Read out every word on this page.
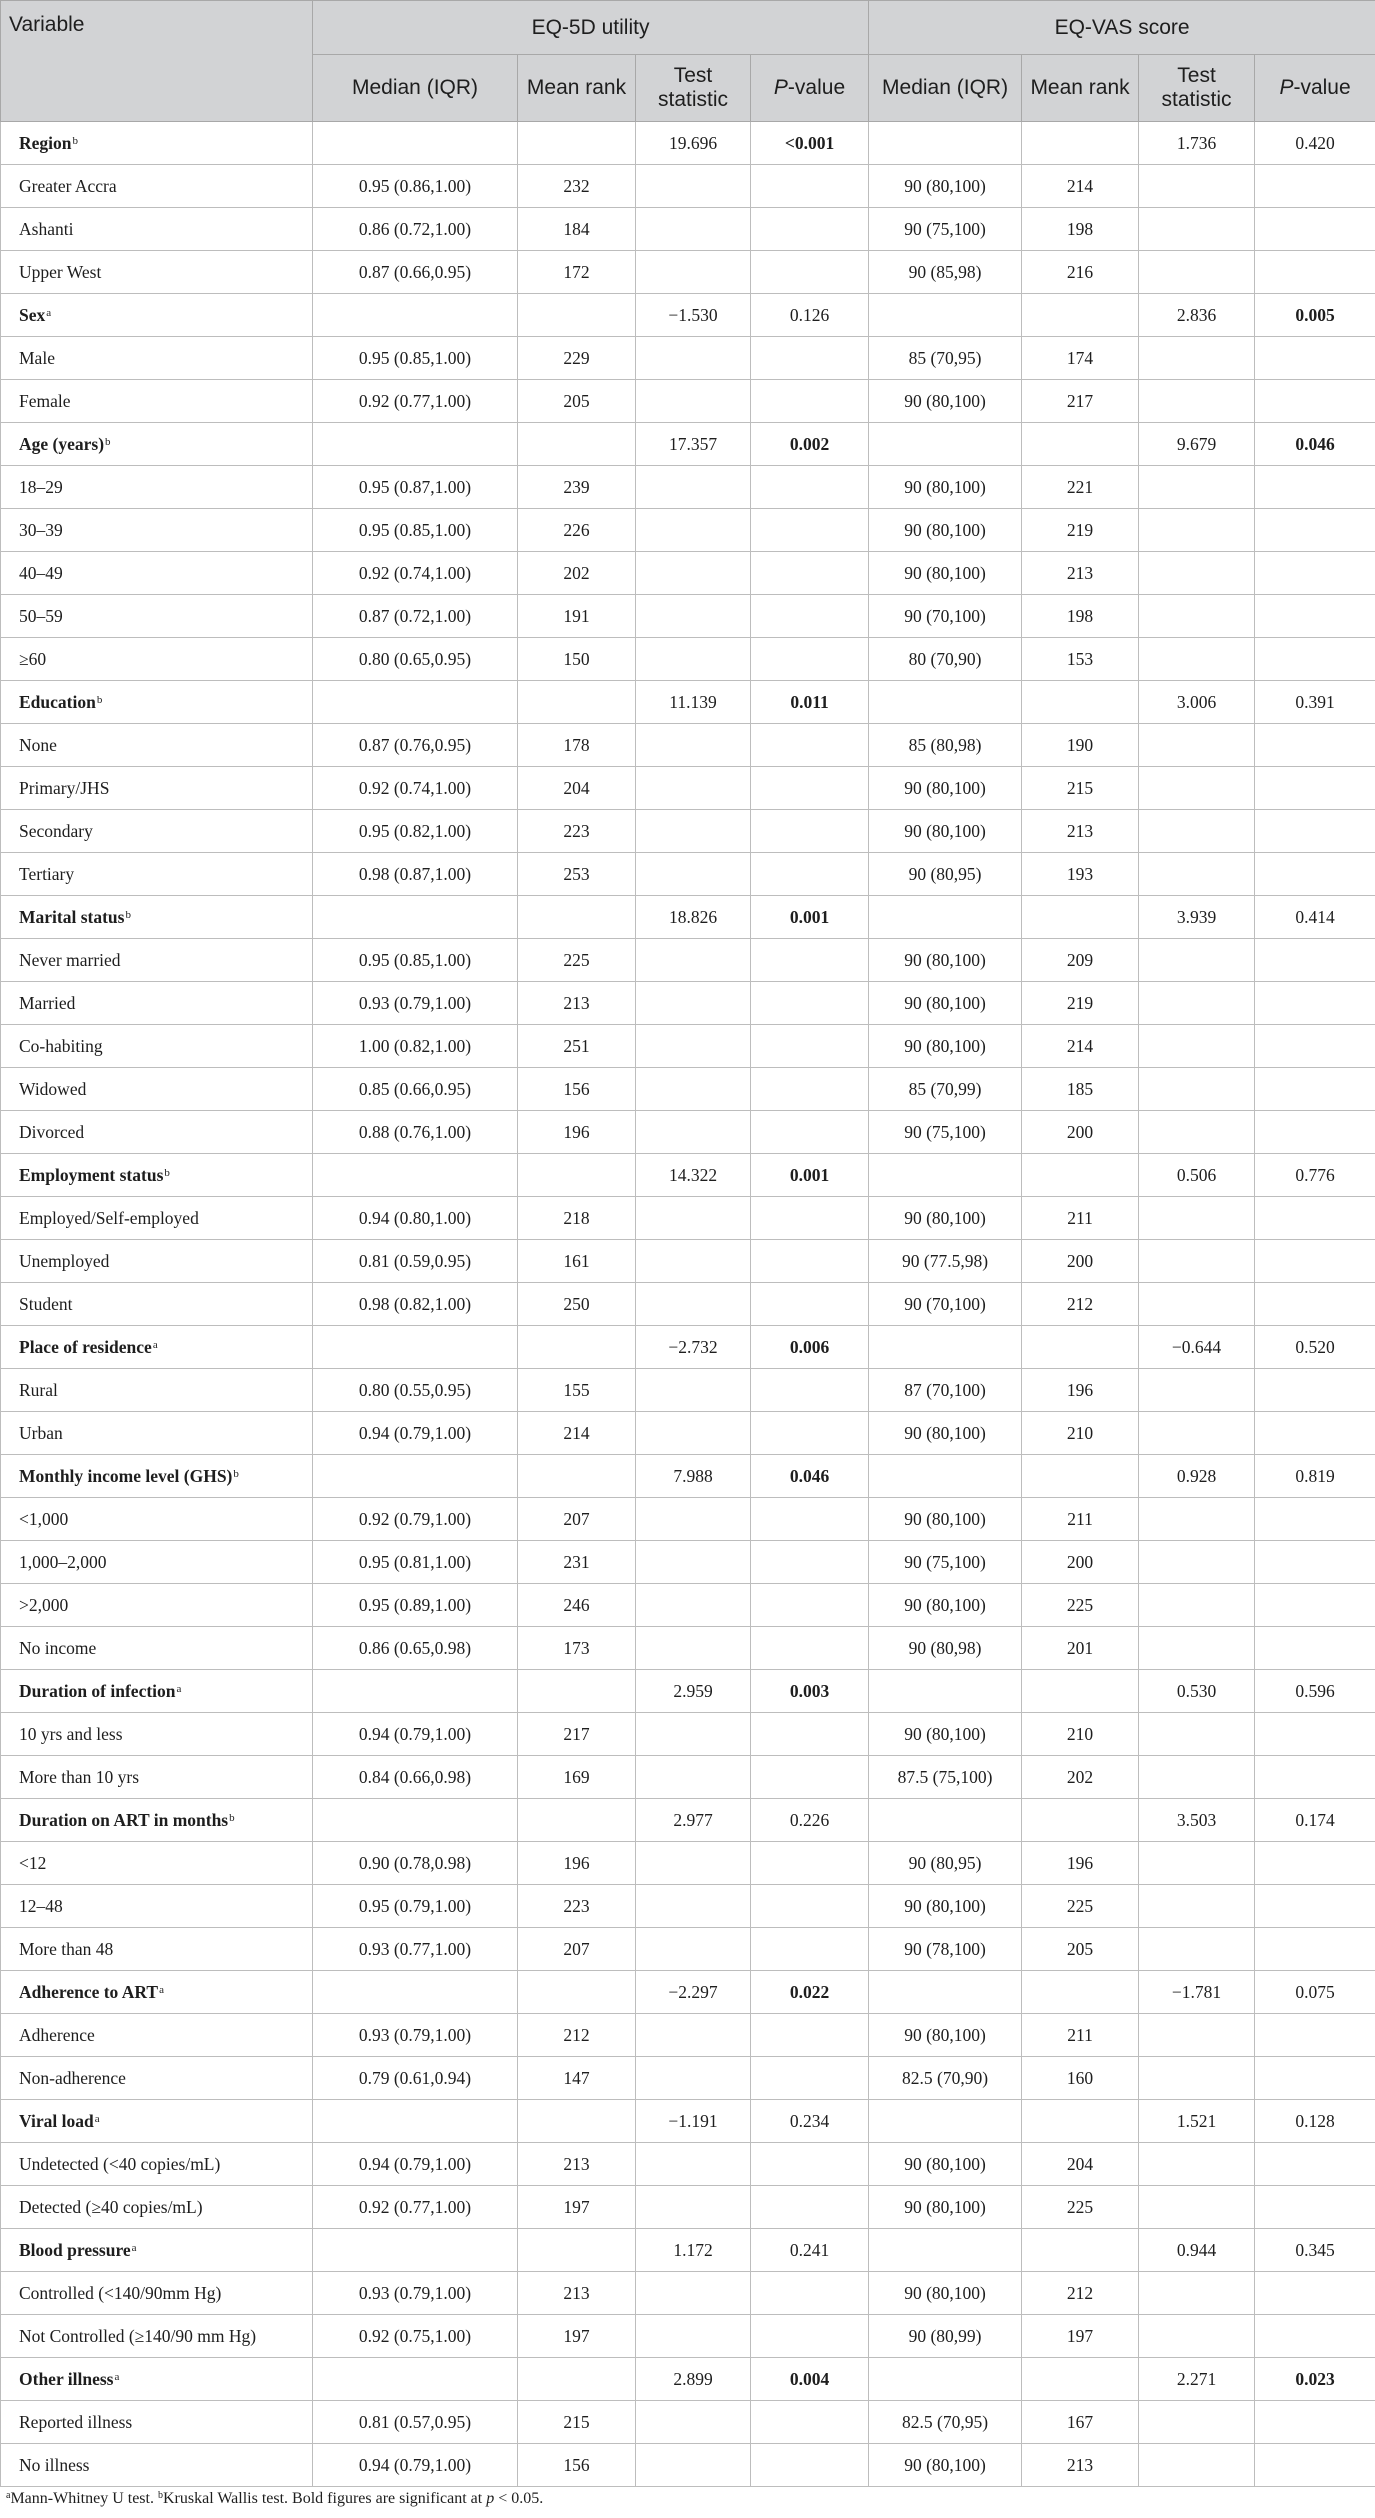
Variable	EQ-5D utility				EQ-VAS score			
	Median (IQR)	Mean rank	Test statistic	P-value	Median (IQR)	Mean rank	Test statistic	P-value
Region$^b$			19.696	<0.001			1.736	0.420
Greater Accra	0.95 (0.86,1.00)	232			90 (80,100)	214		
Ashanti	0.86 (0.72,1.00)	184			90 (75,100)	198		
Upper West	0.87 (0.66,0.95)	172			90 (85,98)	216		
Sex$^a$			−1.530	0.126			2.836	0.005
Male	0.95 (0.85,1.00)	229			85 (70,95)	174		
Female	0.92 (0.77,1.00)	205			90 (80,100)	217		
Age (years)$^b$			17.357	0.002			9.679	0.046
18–29	0.95 (0.87,1.00)	239			90 (80,100)	221		
30–39	0.95 (0.85,1.00)	226			90 (80,100)	219		
40–49	0.92 (0.74,1.00)	202			90 (80,100)	213		
50–59	0.87 (0.72,1.00)	191			90 (70,100)	198		
≥60	0.80 (0.65,0.95)	150			80 (70,90)	153		
Education$^b$			11.139	0.011			3.006	0.391
None	0.87 (0.76,0.95)	178			85 (80,98)	190		
Primary/JHS	0.92 (0.74,1.00)	204			90 (80,100)	215		
Secondary	0.95 (0.82,1.00)	223			90 (80,100)	213		
Tertiary	0.98 (0.87,1.00)	253			90 (80,95)	193		
Marital status$^b$			18.826	0.001			3.939	0.414
Never married	0.95 (0.85,1.00)	225			90 (80,100)	209		
Married	0.93 (0.79,1.00)	213			90 (80,100)	219		
Co-habiting	1.00 (0.82,1.00)	251			90 (80,100)	214		
Widowed	0.85 (0.66,0.95)	156			85 (70,99)	185		
Divorced	0.88 (0.76,1.00)	196			90 (75,100)	200		
Employment status$^b$			14.322	0.001			0.506	0.776
Employed/Self-employed	0.94 (0.80,1.00)	218			90 (80,100)	211		
Unemployed	0.81 (0.59,0.95)	161			90 (77.5,98)	200		
Student	0.98 (0.82,1.00)	250			90 (70,100)	212		
Place of residence$^a$			−2.732	0.006			−0.644	0.520
Rural	0.80 (0.55,0.95)	155			87 (70,100)	196		
Urban	0.94 (0.79,1.00)	214			90 (80,100)	210		
Monthly income level (GHS)$^b$			7.988	0.046			0.928	0.819
<1,000	0.92 (0.79,1.00)	207			90 (80,100)	211		
1,000–2,000	0.95 (0.81,1.00)	231			90 (75,100)	200		
>2,000	0.95 (0.89,1.00)	246			90 (80,100)	225		
No income	0.86 (0.65,0.98)	173			90 (80,98)	201		
Duration of infection$^a$			2.959	0.003			0.530	0.596
10 yrs and less	0.94 (0.79,1.00)	217			90 (80,100)	210		
More than 10 yrs	0.84 (0.66,0.98)	169			87.5 (75,100)	202		
Duration on ART in months$^b$			2.977	0.226			3.503	0.174
<12	0.90 (0.78,0.98)	196			90 (80,95)	196		
12–48	0.95 (0.79,1.00)	223			90 (80,100)	225		
More than 48	0.93 (0.77,1.00)	207			90 (78,100)	205		
Adherence to ART$^a$			−2.297	0.022			−1.781	0.075
Adherence	0.93 (0.79,1.00)	212			90 (80,100)	211		
Non-adherence	0.79 (0.61,0.94)	147			82.5 (70,90)	160		
Viral load$^a$			−1.191	0.234			1.521	0.128
Undetected (<40 copies/mL)	0.94 (0.79,1.00)	213			90 (80,100)	204		
Detected (≥40 copies/mL)	0.92 (0.77,1.00)	197			90 (80,100)	225		
Blood pressure$^a$			1.172	0.241			0.944	0.345
Controlled (<140/90mm Hg)	0.93 (0.79,1.00)	213			90 (80,100)	212		
Not Controlled (≥140/90 mm Hg)	0.92 (0.75,1.00)	197			90 (80,99)	197		
Other illness$^a$			2.899	0.004			2.271	0.023
Reported illness	0.81 (0.57,0.95)	215			82.5 (70,95)	167		
No illness	0.94 (0.79,1.00)	156			90 (80,100)	213		
$^a$Mann-Whitney U test. $^b$Kruskal Wallis test. Bold figures are significant at p < 0.05.
